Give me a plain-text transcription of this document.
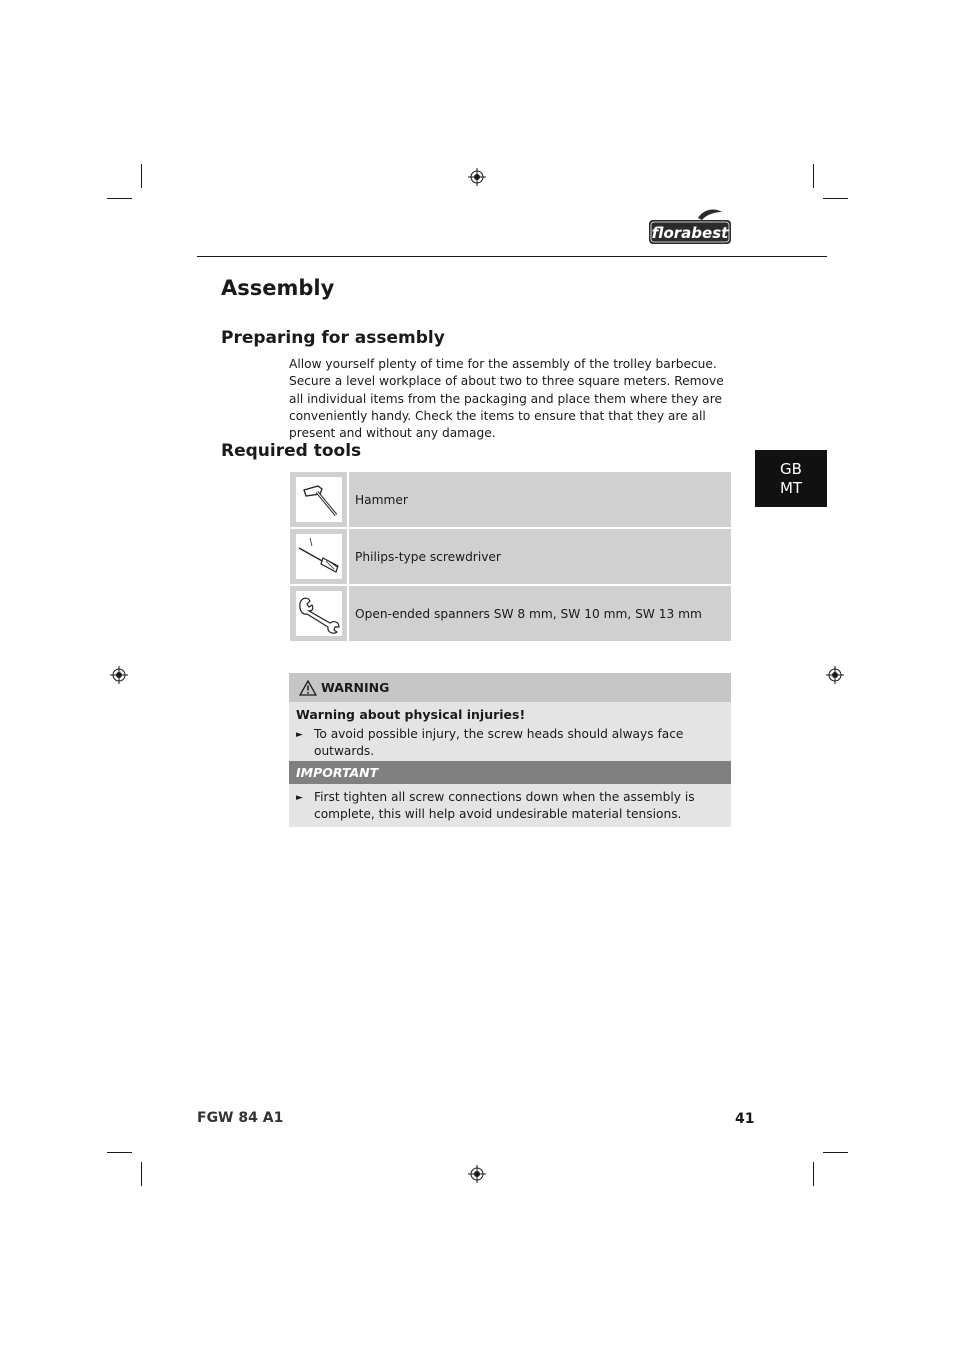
florabest
Assembly
Preparing for assembly

Allow yourself plenty of time for the assembly of the trolley barbecue. Secure a level workplace of about two to three square meters. Remove all individual items from the packaging and place them where they are conveniently handy. Check the items to ensure that that they are all present and without any damage.

Required tools
GB
MT
	Hammer
	Philips-type screwdriver
	Open-ended spanners SW 8 mm, SW 10 mm, SW 13 mm
WARNING
Warning about physical injuries!
► To avoid possible injury, the screw heads should always face outwards.
IMPORTANT
► First tighten all screw connections down when the assembly is complete, this will help avoid undesirable material tensions.
FGW 84 A1	41
